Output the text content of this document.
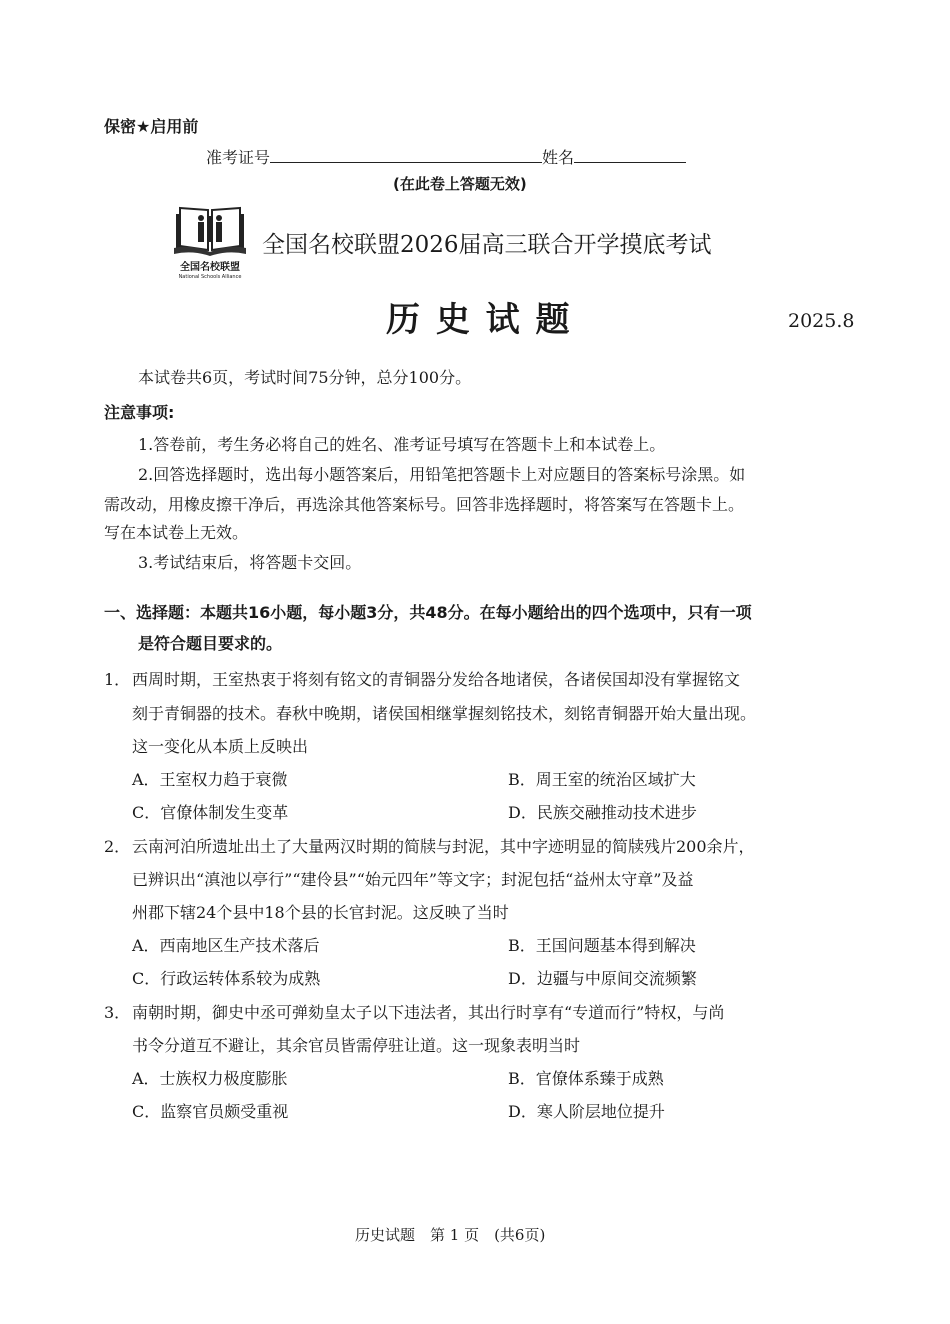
保密★启用前
准考证号	姓名
(在此卷上答题无效)
全国名校联盟
National Schools Alliance
全国名校联盟2026届高三联合开学摸底考试
历 史 试 题	2025.8
本试卷共6页，考试时间75分钟，总分100分。
注意事项:
1.答卷前，考生务必将自己的姓名、准考证号填写在答题卡上和本试卷上。
2.回答选择题时，选出每小题答案后，用铅笔把答题卡上对应题目的答案标号涂黑。如
需改动，用橡皮擦干净后，再选涂其他答案标号。回答非选择题时，将答案写在答题卡上。
写在本试卷上无效。
3.考试结束后，将答题卡交回。
一、选择题：本题共16小题，每小题3分，共48分。在每小题给出的四个选项中，只有一项
是符合题目要求的。
1． 西周时期，王室热衷于将刻有铭文的青铜器分发给各地诸侯，各诸侯国却没有掌握铭文
刻于青铜器的技术。春秋中晚期，诸侯国相继掌握刻铭技术，刻铭青铜器开始大量出现。
这一变化从本质上反映出
A．王室权力趋于衰微	B．周王室的统治区域扩大
C．官僚体制发生变革	D．民族交融推动技术进步
2． 云南河泊所遗址出土了大量两汉时期的简牍与封泥，其中字迹明显的简牍残片200余片，
已辨识出“滇池以亭行”“建伶县”“始元四年”等文字；封泥包括“益州太守章”及益
州郡下辖24个县中18个县的长官封泥。这反映了当时
A．西南地区生产技术落后	B．王国问题基本得到解决
C．行政运转体系较为成熟	D．边疆与中原间交流频繁
3． 南朝时期，御史中丞可弹劾皇太子以下违法者，其出行时享有“专道而行”特权，与尚
书令分道互不避让，其余官员皆需停驻让道。这一现象表明当时
A．士族权力极度膨胀	B．官僚体系臻于成熟
C．监察官员颇受重视	D．寒人阶层地位提升
历史试题　第 1 页　(共6页)
